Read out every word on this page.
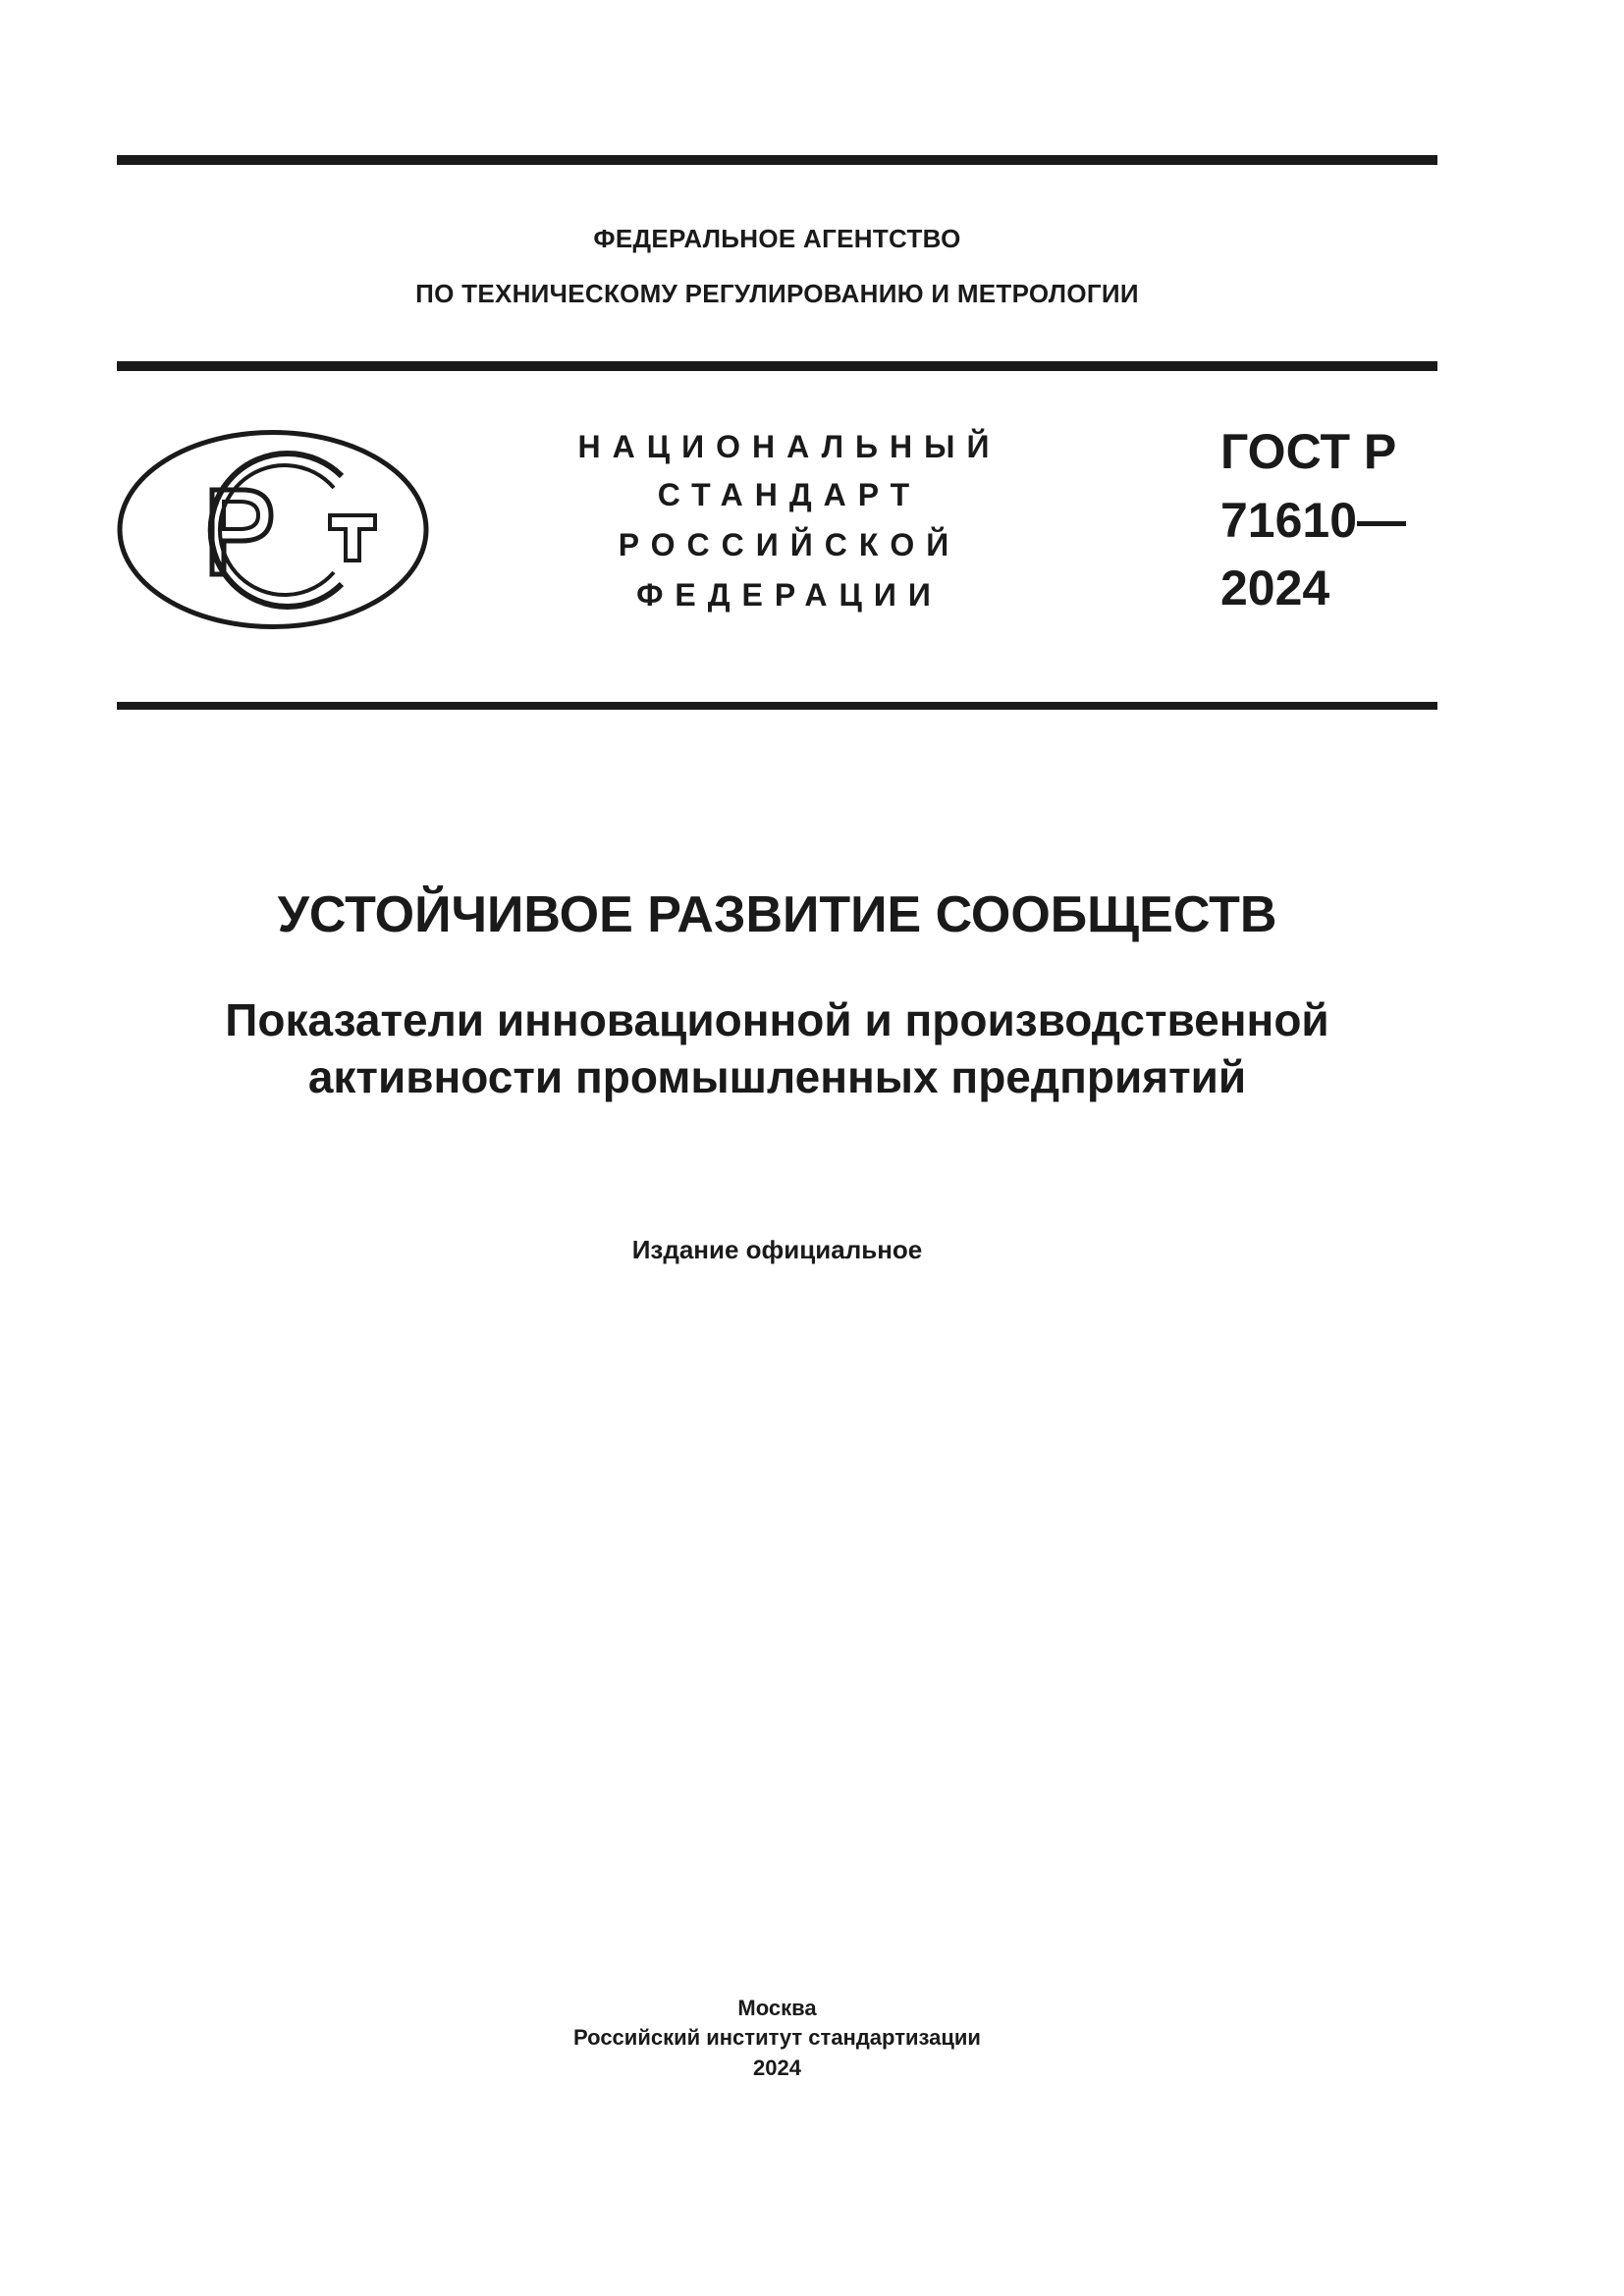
ФЕДЕРАЛЬНОЕ АГЕНТСТВО
ПО ТЕХНИЧЕСКОМУ РЕГУЛИРОВАНИЮ И МЕТРОЛОГИИ
НАЦИОНАЛЬНЫЙ
СТАНДАРТ
РОССИЙСКОЙ
ФЕДЕРАЦИИ
ГОСТ Р
71610—
2024
УСТОЙЧИВОЕ РАЗВИТИЕ СООБЩЕСТВ
Показатели инновационной и производственной
активности промышленных предприятий
Издание официальное
Москва
Российский институт стандартизации
2024
